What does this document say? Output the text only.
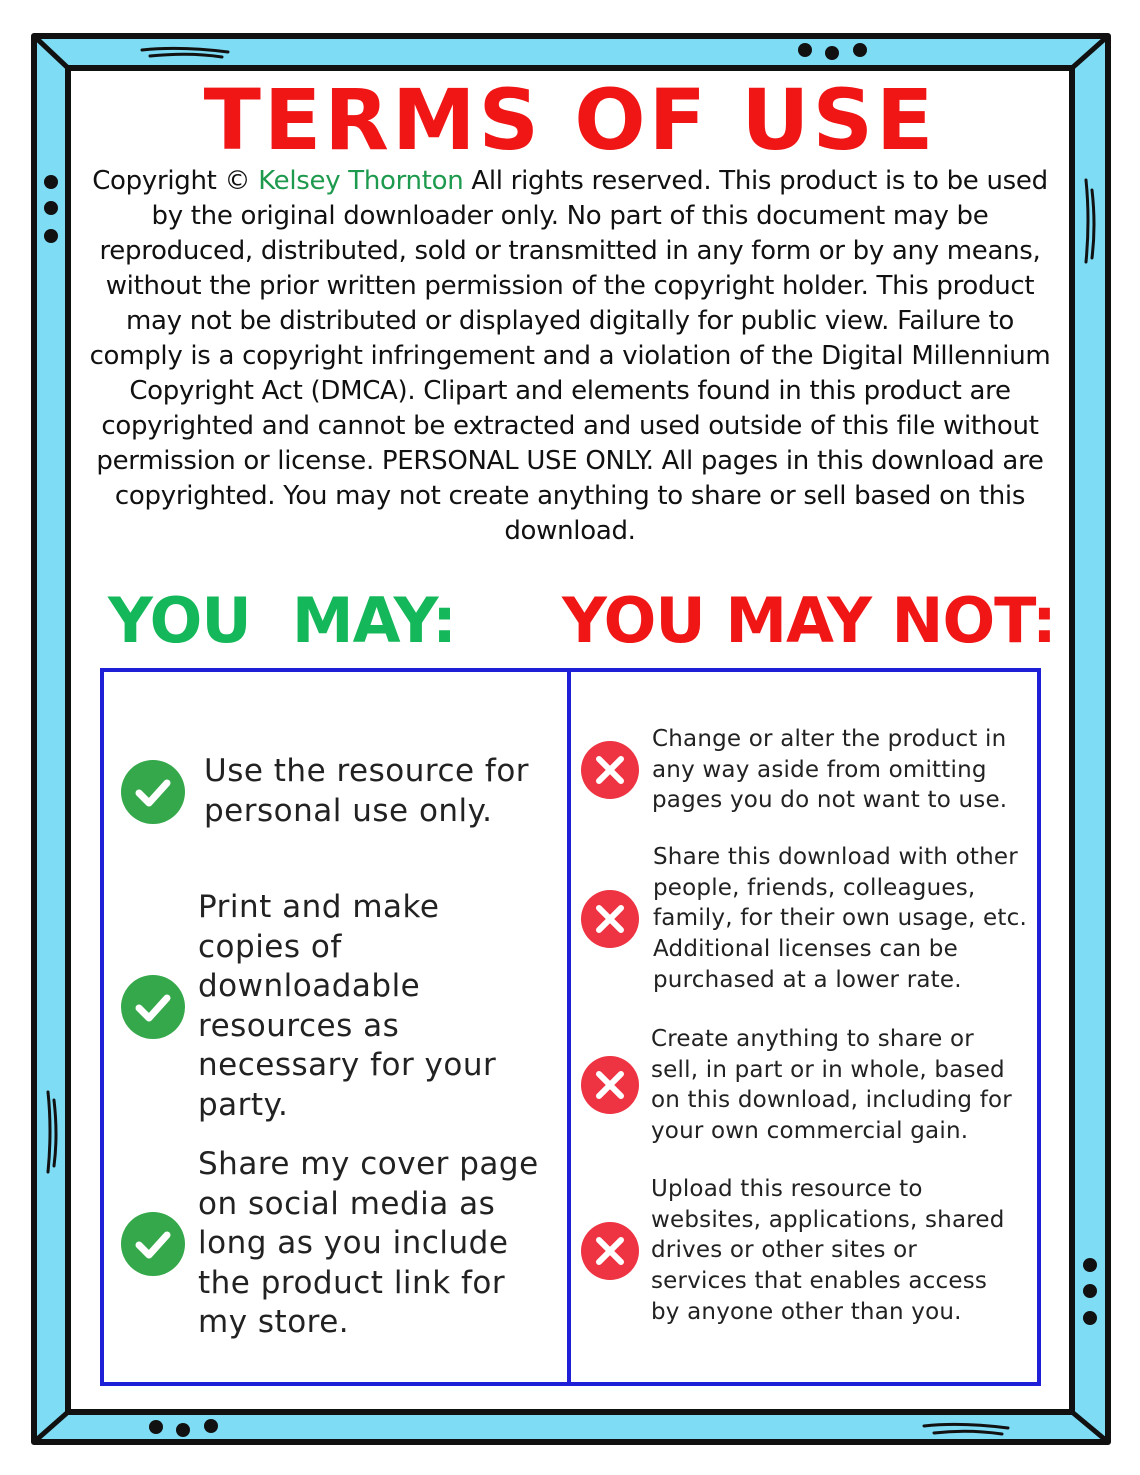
TERMS OF USE

Copyright © Kelsey Thornton All rights reserved. This product is to be used by the original downloader only. No part of this document may be reproduced, distributed, sold or transmitted in any form or by any means, without the prior written permission of the copyright holder. This product may not be distributed or displayed digitally for public view. Failure to comply is a copyright infringement and a violation of the Digital Millennium Copyright Act (DMCA). Clipart and elements found in this product are copyrighted and cannot be extracted and used outside of this file without permission or license. PERSONAL USE ONLY. All pages in this download are copyrighted. You may not create anything to share or sell based on this download.

YOU  MAY: YOU MAY NOT:
Use the resource for personal use only.
Print and make copies of downloadable resources as necessary for your party.
Share my cover page on social media as long as you include the product link for my store.
Change or alter the product in any way aside from omitting pages you do not want to use.
Share this download with other people, friends, colleagues, family, for their own usage, etc. Additional licenses can be purchased at a lower rate.
Create anything to share or sell, in part or in whole, based on this download, including for your own commercial gain.
Upload this resource to websites, applications, shared drives or other sites or services that enables access by anyone other than you.
